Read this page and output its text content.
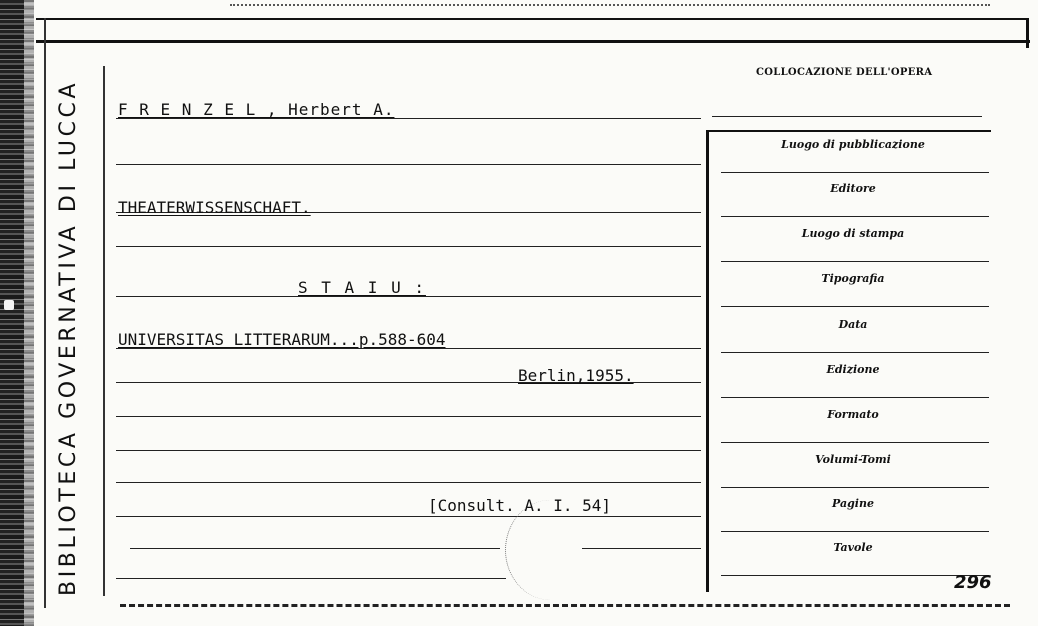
BIBLIOTECA GOVERNATIVA DI LUCCA F R E N Z E L , Herbert A.
THEATERWISSENSCHAFT.
S T A I U :
UNIVERSITAS LITTERARUM...p.588-604
Berlin,1955.
[Consult. A. I. 54]
COLLOCAZIONE DELL'OPERA
Luogo di pubblicazione
Editore
Luogo di stampa
Tipografia
Data
Edizione
Formato
Volumi-Tomi
Pagine
Tavole
296
